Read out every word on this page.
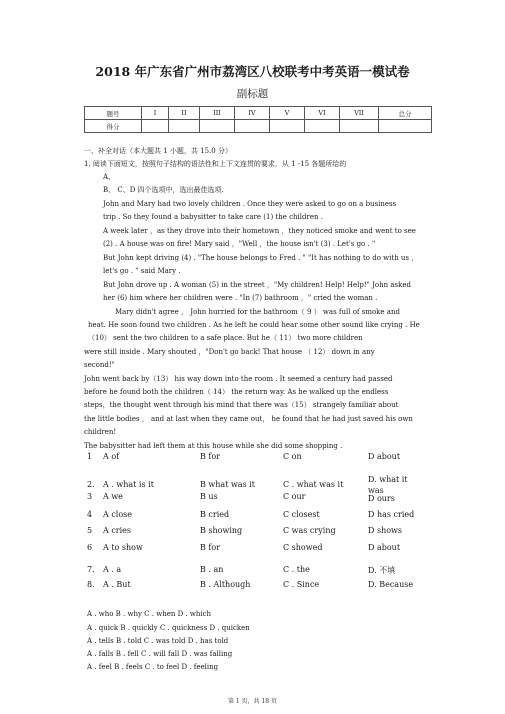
2018 年广东省广州市荔湾区八校联考中考英语一模试卷
副标题
题号	I	II	III	IV	V	VI	VII	总分
得分								
一、补全对话（本大题共 1 小题，共 15.0 分）
1. 阅读下面短文，按照句子结构的语法性和上下文连贯的要求，从 1 -15 各题所给的
A、
B、 C、D 四个选项中，选出最佳选项.
John and Mary had two lovely children . Once they were asked to go on a business
trip . So they found a babysitter to take care (1) the children .
A week later ，as they drove into their hometown ，they noticed smoke and went to see
(2) . A house was on fire! Mary said ，"Well ，the house isn't (3) . Let's go . "
But John kept driving (4) . "The house belongs to Fred . " "It has nothing to do with us ，
let's go . " said Mary .
But John drove up . A woman (5) in the street ，"My children! Help! Help!" John asked
her (6) him where her children were . "In (7) bathroom ，" cried the woman .
Mary didn't agree ， John hurried for the bathroom（ 9 ） was full of smoke and
heat. He soon found two children . As he left he could hear some other sound like crying . He
（10） sent the two children to a safe place. But he（ 11） two more children
were still inside . Mary shouted ，"Don't go back! That house （ 12） down in any
second!"
John went back by（13） his way down into the room . It seemed a century had passed
before he found both the children（ 14） the return way. As he walked up the endless
steps，the thought went through his mind that there was（15） strangely familiar about
the little bodies ， and at last when they came out， he found that he had just saved his own
children!
The babysitter had left them at this house while she did some shopping .
1 A of	B for	C on	D about
2. A . what is it	B what was it	C . what was it
D. what it was
3 A we	B us	C our	D ours
4 A close	B cried	C closest	D has cried
5 A cries	B showing	C was crying	D shows
6 A to show	B for	C showed	D about
7. A . a	B . an	C . the	D. 不填
8. A . But	B . Although	C . Since	D. Because
A . who B . why C . when D . which
A . quick B . quickly C . quickness D . quicken
A . tells B . told C . was told D . has told
A . falls B . fell C . will fall D . was falling
A . feel B . feels C . to feel D . feeling
第 1 页，共 18 页
